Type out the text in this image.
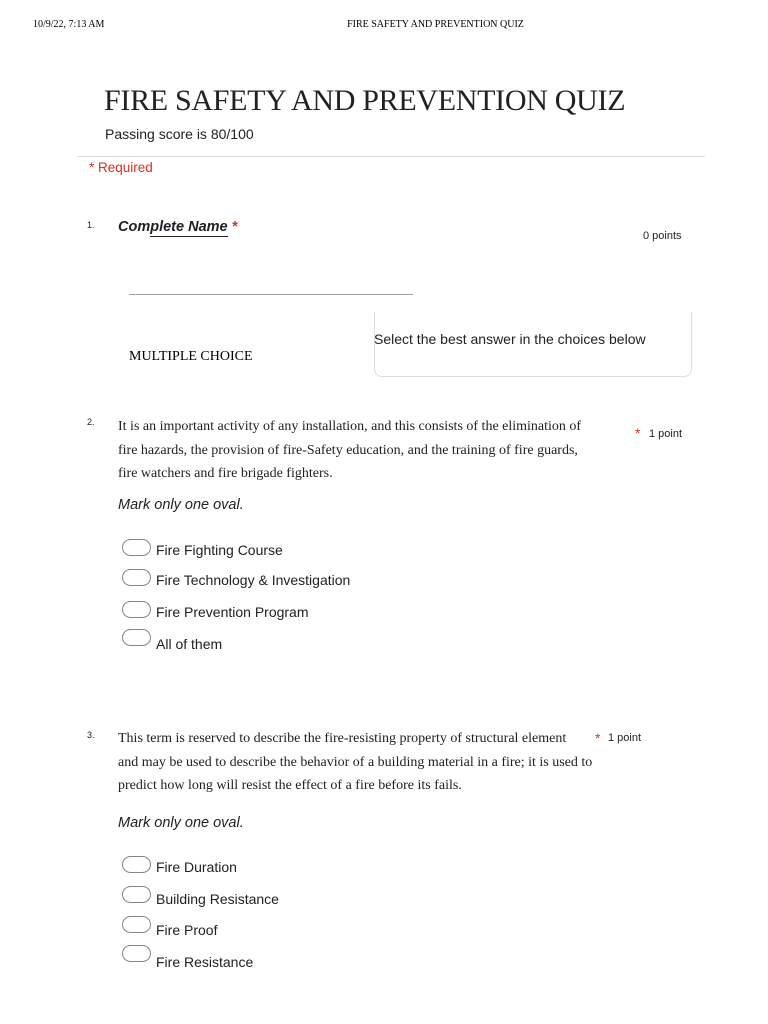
10/9/22, 7:13 AM	FIRE SAFETY AND PREVENTION QUIZ
FIRE SAFETY AND PREVENTION QUIZ
Passing score is 80/100
* Required
1. Complete Name *
0 points
MULTIPLE CHOICE
Select the best answer in the choices below
2. It is an important activity of any installation, and this consists of the elimination of
fire hazards, the provision of fire-Safety education, and the training of fire guards,
fire watchers and fire brigade fighters.
* 1 point
Mark only one oval.
Fire Fighting Course
Fire Technology & Investigation
Fire Prevention Program
All of them
3. This term is reserved to describe the fire-resisting property of structural element
and may be used to describe the behavior of a building material in a fire; it is used to
predict how long will resist the effect of a fire before its fails.
* 1 point
Mark only one oval.
Fire Duration
Building Resistance
Fire Proof
Fire Resistance
